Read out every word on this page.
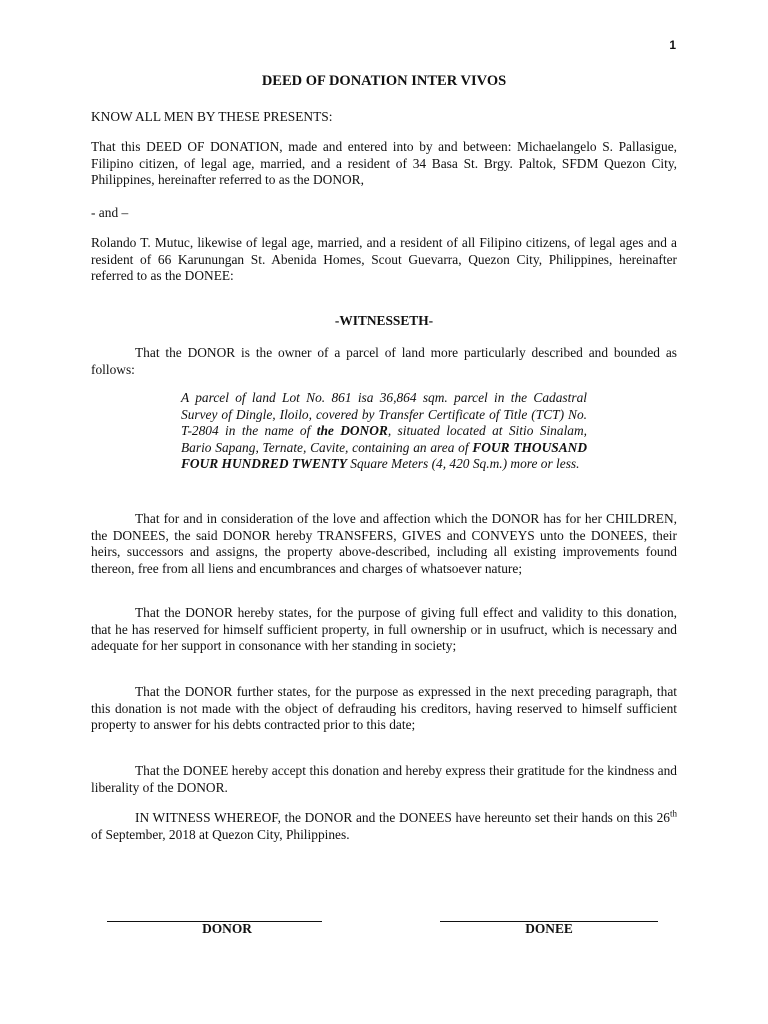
1
DEED OF DONATION INTER VIVOS

KNOW ALL MEN BY THESE PRESENTS:

That this DEED OF DONATION, made and entered into by and between: Michaelangelo S. Pallasigue, Filipino citizen, of legal age, married, and a resident of 34 Basa St. Brgy. Paltok, SFDM Quezon City, Philippines, hereinafter referred to as the DONOR,

- and –

Rolando T. Mutuc, likewise of legal age, married, and a resident of all Filipino citizens, of legal ages and a resident of 66 Karunungan St. Abenida Homes, Scout Guevarra, Quezon City, Philippines, hereinafter referred to as the DONEE:

-WITNESSETH-

That the DONOR is the owner of a parcel of land more particularly described and bounded as follows:

A parcel of land Lot No. 861 isa 36,864 sqm. parcel in the Cadastral Survey of Dingle, Iloilo, covered by Transfer Certificate of Title (TCT) No. T-2804 in the name of the DONOR, situated located at Sitio Sinalam, Bario Sapang, Ternate, Cavite, containing an area of FOUR THOUSAND FOUR HUNDRED TWENTY Square Meters (4, 420 Sq.m.) more or less.

That for and in consideration of the love and affection which the DONOR has for her CHILDREN, the DONEES, the said DONOR hereby TRANSFERS, GIVES and CONVEYS unto the DONEES, their heirs, successors and assigns, the property above-described, including all existing improvements found thereon, free from all liens and encumbrances and charges of whatsoever nature;

That the DONOR hereby states, for the purpose of giving full effect and validity to this donation, that he has reserved for himself sufficient property, in full ownership or in usufruct, which is necessary and adequate for her support in consonance with her standing in society;

That the DONOR further states, for the purpose as expressed in the next preceding paragraph, that this donation is not made with the object of defrauding his creditors, having reserved to himself sufficient property to answer for his debts contracted prior to this date;

That the DONEE hereby accept this donation and hereby express their gratitude for the kindness and liberality of the DONOR.

IN WITNESS WHEREOF, the DONOR and the DONEES have hereunto set their hands on this 26th of September, 2018 at Quezon City, Philippines.

DONOR	DONEE
